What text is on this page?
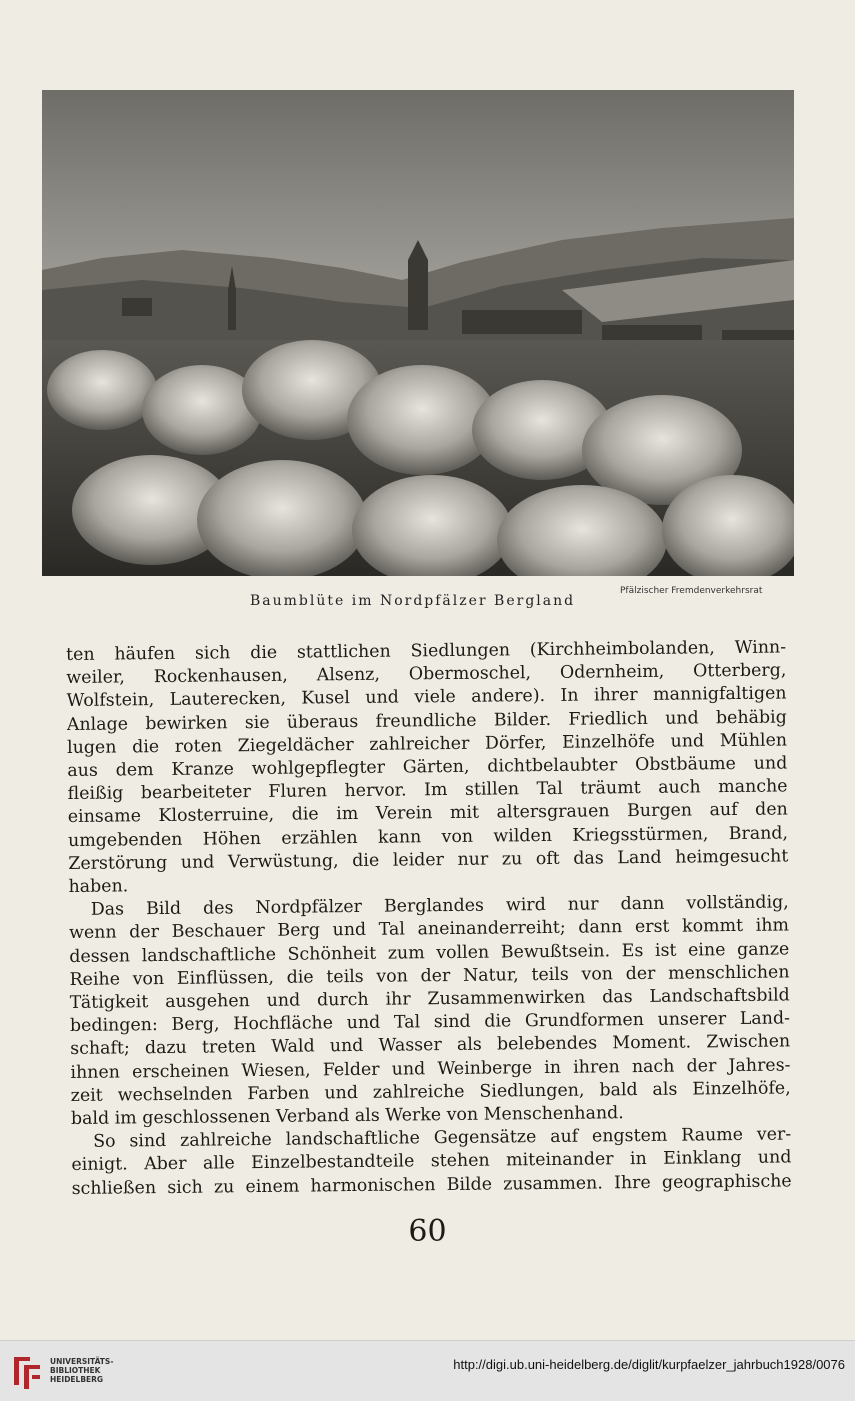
Baumblüte im Nordpfälzer Bergland
Pfälzischer Fremdenverkehrsrat
ten häufen sich die stattlichen Siedlungen (Kirchheimbolanden, Winn-
weiler, Rockenhausen, Alsenz, Obermoschel, Odernheim, Otterberg,
Wolfstein, Lauterecken, Kusel und viele andere). In ihrer mannigfaltigen
Anlage bewirken sie überaus freundliche Bilder. Friedlich und behäbig
lugen die roten Ziegeldächer zahlreicher Dörfer, Einzelhöfe und Mühlen
aus dem Kranze wohlgepflegter Gärten, dichtbelaubter Obstbäume und
fleißig bearbeiteter Fluren hervor. Im stillen Tal träumt auch manche
einsame Klosterruine, die im Verein mit altersgrauen Burgen auf den
umgebenden Höhen erzählen kann von wilden Kriegsstürmen, Brand,
Zerstörung und Verwüstung, die leider nur zu oft das Land heimgesucht
haben.
Das Bild des Nordpfälzer Berglandes wird nur dann vollständig,
wenn der Beschauer Berg und Tal aneinanderreiht; dann erst kommt ihm
dessen landschaftliche Schönheit zum vollen Bewußtsein. Es ist eine ganze
Reihe von Einflüssen, die teils von der Natur, teils von der menschlichen
Tätigkeit ausgehen und durch ihr Zusammenwirken das Landschaftsbild
bedingen: Berg, Hochfläche und Tal sind die Grundformen unserer Land-
schaft; dazu treten Wald und Wasser als belebendes Moment. Zwischen
ihnen erscheinen Wiesen, Felder und Weinberge in ihren nach der Jahres-
zeit wechselnden Farben und zahlreiche Siedlungen, bald als Einzelhöfe,
bald im geschlossenen Verband als Werke von Menschenhand.
So sind zahlreiche landschaftliche Gegensätze auf engstem Raume ver-
einigt. Aber alle Einzelbestandteile stehen miteinander in Einklang und
schließen sich zu einem harmonischen Bilde zusammen. Ihre geographische
60
UNIVERSITÄTS-
BIBLIOTHEK
HEIDELBERG
http://digi.ub.uni-heidelberg.de/diglit/kurpfaelzer_jahrbuch1928/0076
